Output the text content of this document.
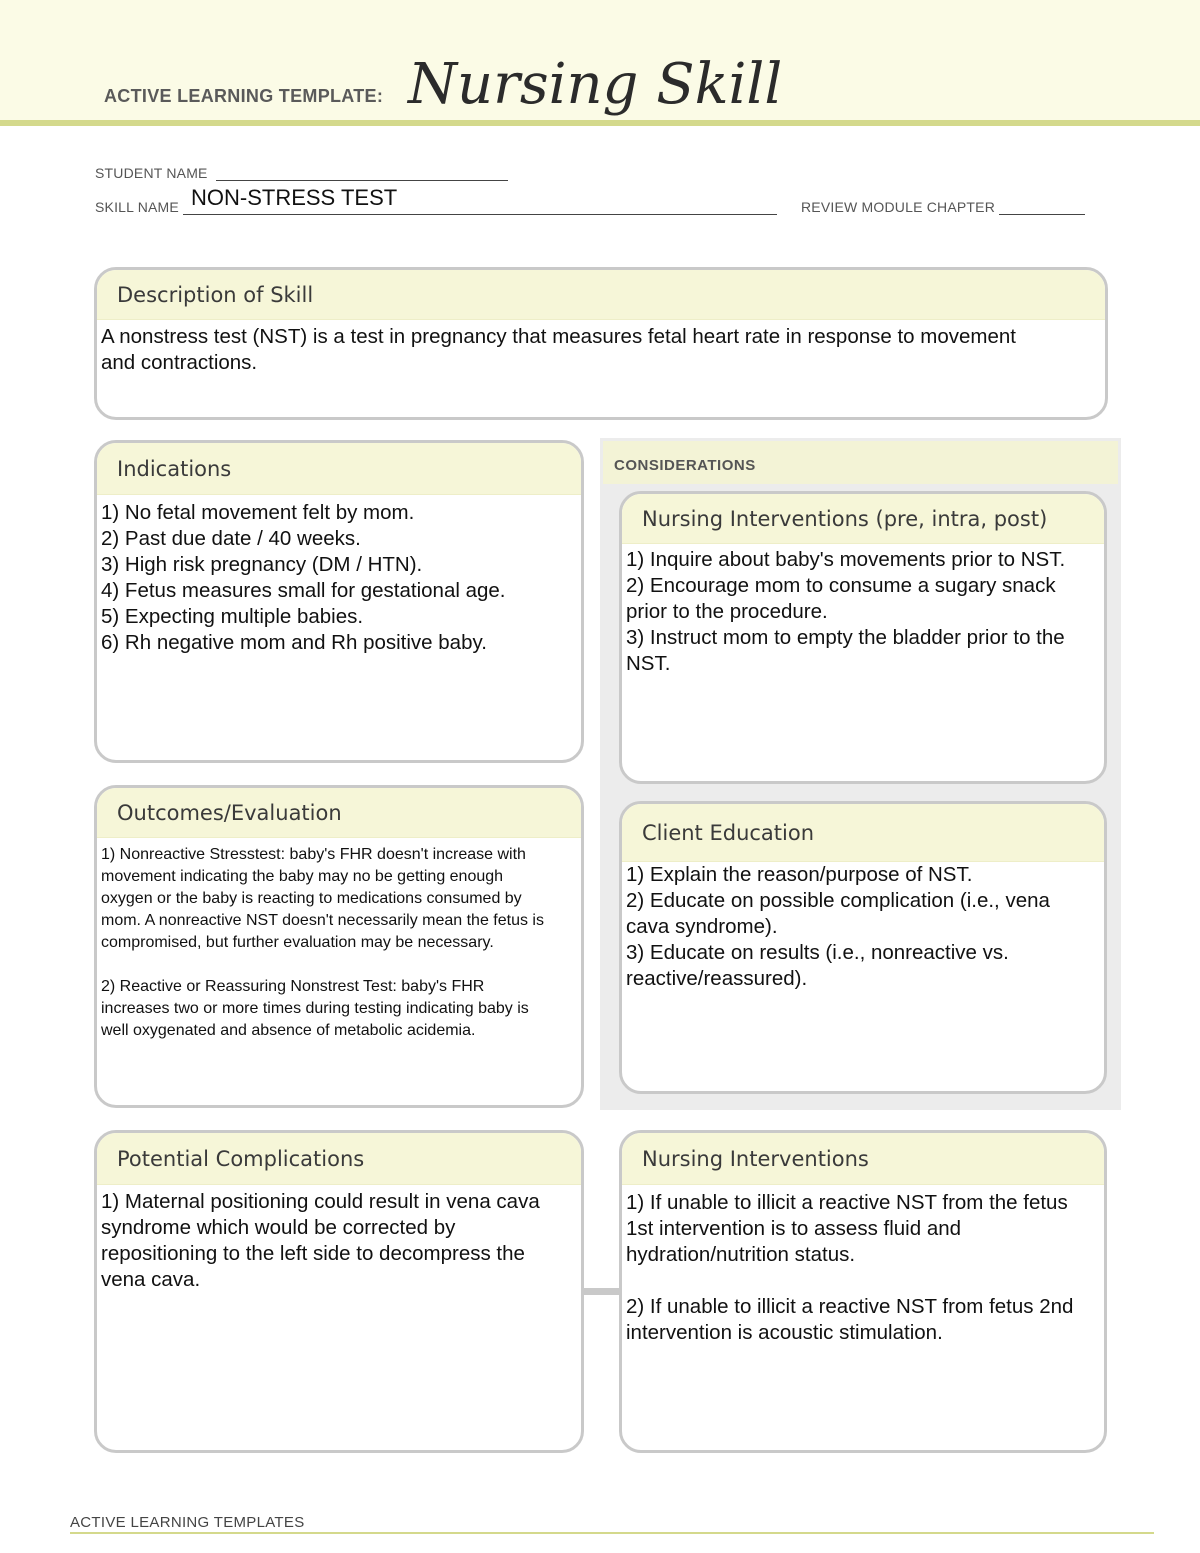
ACTIVE LEARNING TEMPLATE: Nursing Skill
STUDENT NAME
SKILL NAME NON-STRESS TEST	REVIEW MODULE CHAPTER
Description of Skill
A nonstress test (NST) is a test in pregnancy that measures fetal heart rate in response to movement and contractions.
CONSIDERATIONS
Indications
1) No fetal movement felt by mom.
2) Past due date / 40 weeks.
3) High risk pregnancy (DM / HTN).
4) Fetus measures small for gestational age.
5) Expecting multiple babies.
6) Rh negative mom and Rh positive baby.
Nursing Interventions (pre, intra, post)

1) Inquire about baby's movements prior to NST.

2) Encourage mom to consume a sugary snack prior to the procedure.

3) Instruct mom to empty the bladder prior to the NST.

Outcomes/Evaluation

1) Nonreactive Stresstest: baby's FHR doesn't increase with movement indicating the baby may no be getting enough oxygen or the baby is reacting to medications consumed by mom. A nonreactive NST doesn't necessarily mean the fetus is compromised, but further evaluation may be necessary.

2) Reactive or Reassuring Nonstrest Test: baby's FHR increases two or more times during testing indicating baby is well oxygenated and absence of metabolic acidemia.

Client Education

1) Explain the reason/purpose of NST.

2) Educate on possible complication (i.e., vena cava syndrome).

3) Educate on results (i.e., nonreactive vs. reactive/reassured).

Potential Complications
1) Maternal positioning could result in vena cava syndrome which would be corrected by repositioning to the left side to decompress the vena cava.
Nursing Interventions

1) If unable to illicit a reactive NST from the fetus 1st intervention is to assess fluid and hydration/nutrition status.

2) If unable to illicit a reactive NST from fetus 2nd intervention is acoustic stimulation.

ACTIVE LEARNING TEMPLATES
